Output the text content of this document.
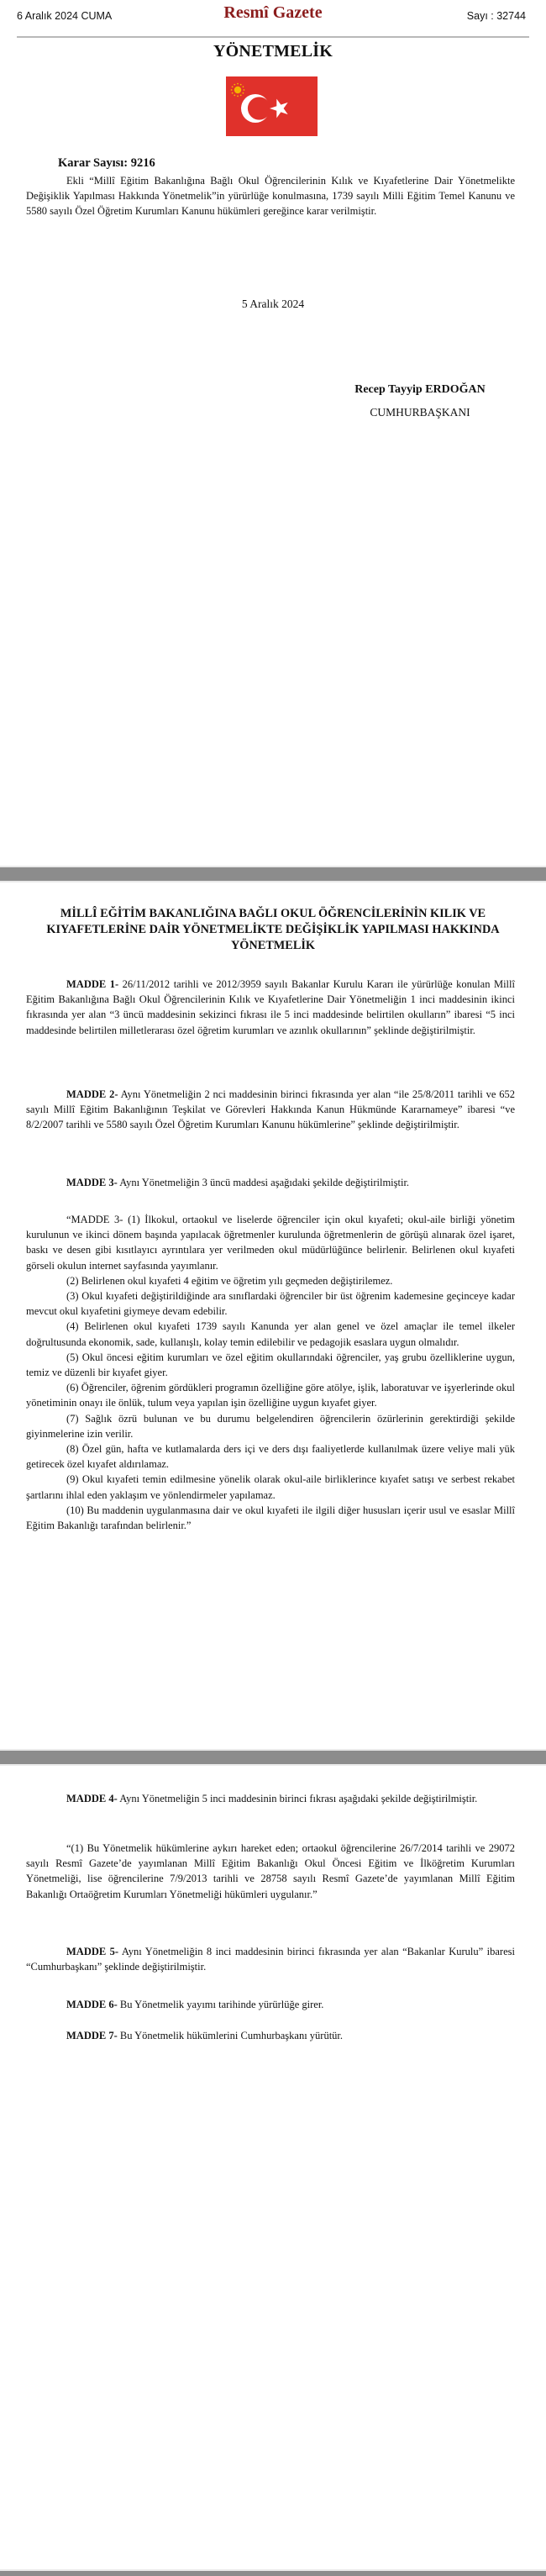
6 Aralık 2024 CUMA	Resmî Gazete	Sayı : 32744
YÖNETMELİK
Karar Sayısı: 9216

Ekli “Millî Eğitim Bakanlığına Bağlı Okul Öğrencilerinin Kılık ve Kıyafetlerine Dair Yönetmelikte Değişiklik Yapılması Hakkında Yönetmelik”in yürürlüğe konulmasına, 1739 sayılı Milli Eğitim Temel Kanunu ve 5580 sayılı Özel Öğretim Kurumları Kanunu hükümleri gereğince karar verilmiştir.

5 Aralık 2024
Recep Tayyip ERDOĞAN
CUMHURBAŞKANI
MİLLÎ EĞİTİM BAKANLIĞINA BAĞLI OKUL ÖĞRENCİLERİNİN KILIK VE KIYAFETLERİNE DAİR YÖNETMELİKTE DEĞİŞİKLİK YAPILMASI HAKKINDA YÖNETMELİK

MADDE 1- 26/11/2012 tarihli ve 2012/3959 sayılı Bakanlar Kurulu Kararı ile yürürlüğe konulan Millî Eğitim Bakanlığına Bağlı Okul Öğrencilerinin Kılık ve Kıyafetlerine Dair Yönetmeliğin 1 inci maddesinin ikinci fıkrasında yer alan “3 üncü maddesinin sekizinci fıkrası ile 5 inci maddesinde belirtilen okulların” ibaresi “5 inci maddesinde belirtilen milletlerarası özel öğretim kurumları ve azınlık okullarının” şeklinde değiştirilmiştir.

MADDE 2- Aynı Yönetmeliğin 2 nci maddesinin birinci fıkrasında yer alan “ile 25/8/2011 tarihli ve 652 sayılı Millî Eğitim Bakanlığının Teşkilat ve Görevleri Hakkında Kanun Hükmünde Kararnameye” ibaresi “ve 8/2/2007 tarihli ve 5580 sayılı Özel Öğretim Kurumları Kanunu hükümlerine” şeklinde değiştirilmiştir.

MADDE 3- Aynı Yönetmeliğin 3 üncü maddesi aşağıdaki şekilde değiştirilmiştir.

“MADDE 3- (1) İlkokul, ortaokul ve liselerde öğrenciler için okul kıyafeti; okul-aile birliği yönetim kurulunun ve ikinci dönem başında yapılacak öğretmenler kurulunda öğretmenlerin de görüşü alınarak özel işaret, baskı ve desen gibi kısıtlayıcı ayrıntılara yer verilmeden okul müdürlüğünce belirlenir. Belirlenen okul kıyafeti görseli okulun internet sayfasında yayımlanır.

(2) Belirlenen okul kıyafeti 4 eğitim ve öğretim yılı geçmeden değiştirilemez.

(3) Okul kıyafeti değiştirildiğinde ara sınıflardaki öğrenciler bir üst öğrenim kademesine geçinceye kadar mevcut okul kıyafetini giymeye devam edebilir.

(4) Belirlenen okul kıyafeti 1739 sayılı Kanunda yer alan genel ve özel amaçlar ile temel ilkeler doğrultusunda ekonomik, sade, kullanışlı, kolay temin edilebilir ve pedagojik esaslara uygun olmalıdır.

(5) Okul öncesi eğitim kurumları ve özel eğitim okullarındaki öğrenciler, yaş grubu özelliklerine uygun, temiz ve düzenli bir kıyafet giyer.

(6) Öğrenciler, öğrenim gördükleri programın özelliğine göre atölye, işlik, laboratuvar ve işyerlerinde okul yönetiminin onayı ile önlük, tulum veya yapılan işin özelliğine uygun kıyafet giyer.

(7) Sağlık özrü bulunan ve bu durumu belgelendiren öğrencilerin özürlerinin gerektirdiği şekilde giyinmelerine izin verilir.

(8) Özel gün, hafta ve kutlamalarda ders içi ve ders dışı faaliyetlerde kullanılmak üzere veliye mali yük getirecek özel kıyafet aldırılamaz.

(9) Okul kıyafeti temin edilmesine yönelik olarak okul-aile birliklerince kıyafet satışı ve serbest rekabet şartlarını ihlal eden yaklaşım ve yönlendirmeler yapılamaz.

(10) Bu maddenin uygulanmasına dair ve okul kıyafeti ile ilgili diğer hususları içerir usul ve esaslar Millî Eğitim Bakanlığı tarafından belirlenir.”

MADDE 4- Aynı Yönetmeliğin 5 inci maddesinin birinci fıkrası aşağıdaki şekilde değiştirilmiştir.

“(1) Bu Yönetmelik hükümlerine aykırı hareket eden; ortaokul öğrencilerine 26/7/2014 tarihli ve 29072 sayılı Resmî Gazete’de yayımlanan Millî Eğitim Bakanlığı Okul Öncesi Eğitim ve İlköğretim Kurumları Yönetmeliği, lise öğrencilerine 7/9/2013 tarihli ve 28758 sayılı Resmî Gazete’de yayımlanan Millî Eğitim Bakanlığı Ortaöğretim Kurumları Yönetmeliği hükümleri uygulanır.”

MADDE 5- Aynı Yönetmeliğin 8 inci maddesinin birinci fıkrasında yer alan “Bakanlar Kurulu” ibaresi “Cumhurbaşkanı” şeklinde değiştirilmiştir.

MADDE 6- Bu Yönetmelik yayımı tarihinde yürürlüğe girer.

MADDE 7- Bu Yönetmelik hükümlerini Cumhurbaşkanı yürütür.
